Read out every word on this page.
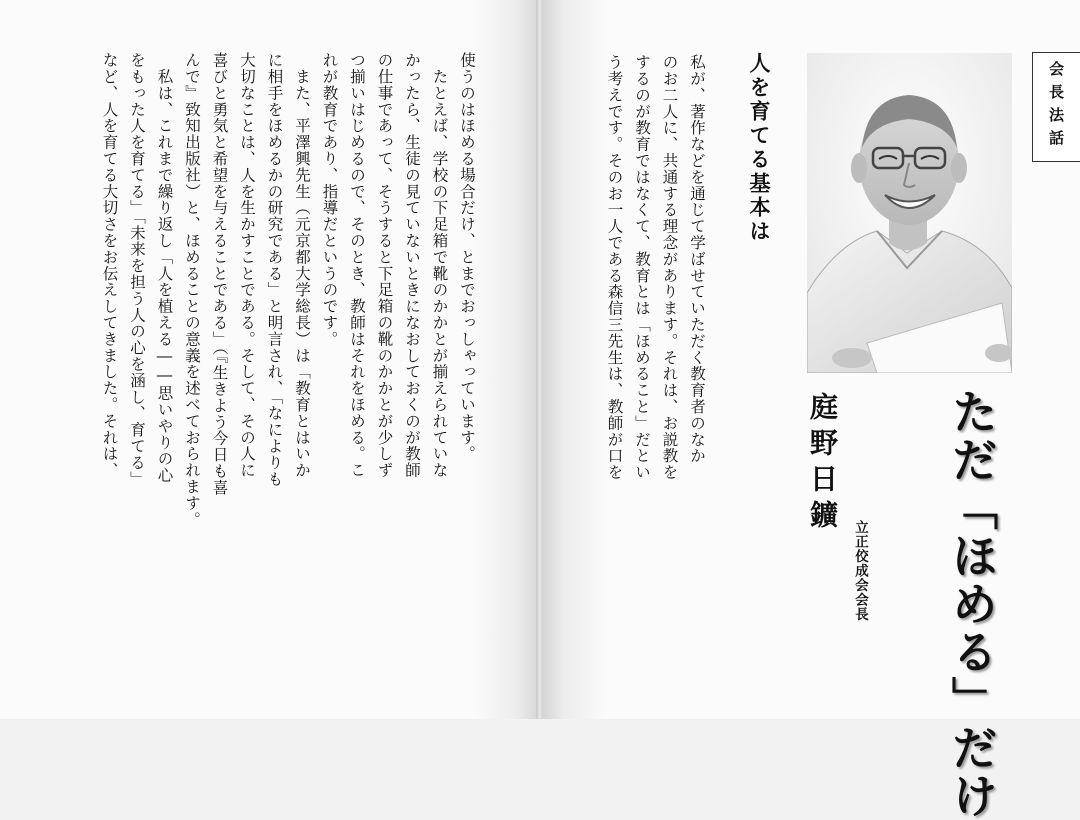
使うのはほめる場合だけ、とまでおっしゃっています。
　たとえば、学校の下足箱で靴のかかとが揃えられていな
かったら、生徒の見ていないときになおしておくのが教師
の仕事であって、そうすると下足箱の靴のかかとが少しず
つ揃いはじめるので、そのとき、教師はそれをほめる。こ
れが教育であり、指導だというのです。
　また、平澤興先生（元京都大学総長）は「教育とはいか
に相手をほめるかの研究である」と明言され、「なによりも
大切なことは、人を生かすことである。そして、その人に
喜びと勇気と希望を与えることである」（『生きよう今日も喜
んで』致知出版社）と、ほめることの意義を述べておられます。
　私は、これまで繰り返し「人を植える――思いやりの心
をもった人を育てる」「未来を担う人の心を涵し、育てる」
など、人を育てる大切さをお伝えしてきました。それは、	会長法話
人を育てる基本は
私が、著作などを通じて学ばせていただく教育者のなか
のお二人に、共通する理念があります。それは、お説教を
するのが教育ではなくて、教育とは「ほめること」だとい
う考えです。そのお一人である森信三先生は、教師が口を
ただ「ほめる」だけ
庭野日鑛
立正佼成会会長
